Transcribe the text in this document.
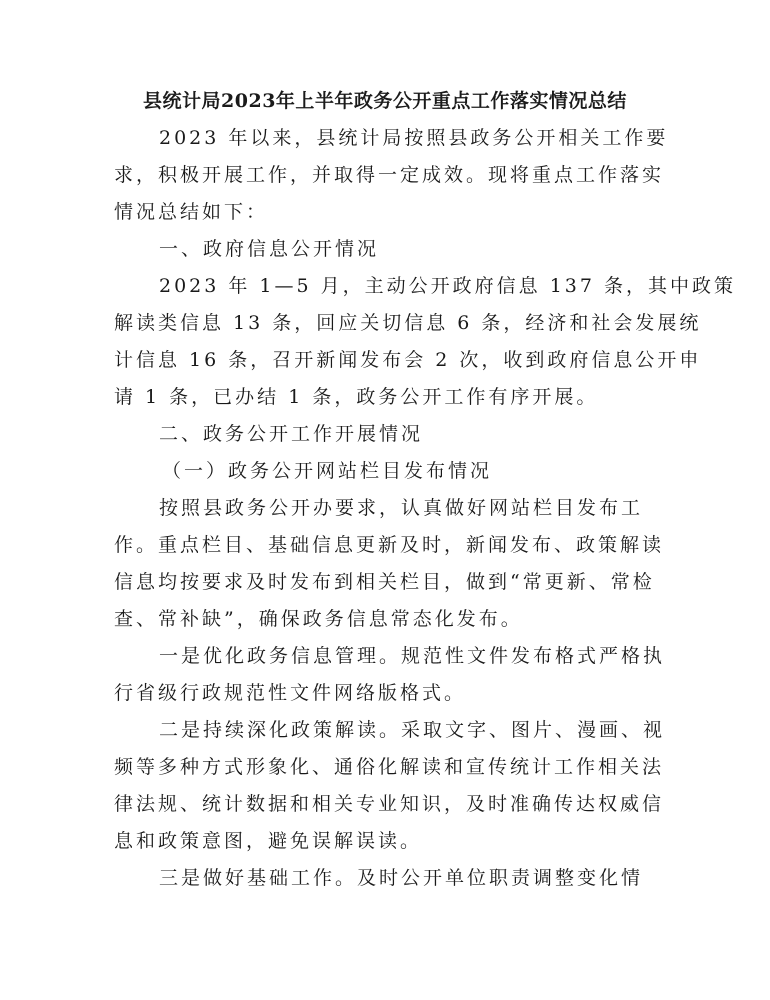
县统计局2023年上半年政务公开重点工作落实情况总结
2023 年以来，县统计局按照县政务公开相关工作要
求，积极开展工作，并取得一定成效。现将重点工作落实
情况总结如下：
一、政府信息公开情况
2023 年 1—5 月，主动公开政府信息 137 条，其中政策
解读类信息 13 条，回应关切信息 6 条，经济和社会发展统
计信息 16 条，召开新闻发布会 2 次，收到政府信息公开申
请 1 条，已办结 1 条，政务公开工作有序开展。
二、政务公开工作开展情况
（一）政务公开网站栏目发布情况
按照县政务公开办要求，认真做好网站栏目发布工
作。重点栏目、基础信息更新及时，新闻发布、政策解读
信息均按要求及时发布到相关栏目，做到“常更新、常检
查、常补缺”，确保政务信息常态化发布。
一是优化政务信息管理。规范性文件发布格式严格执
行省级行政规范性文件网络版格式。
二是持续深化政策解读。采取文字、图片、漫画、视
频等多种方式形象化、通俗化解读和宣传统计工作相关法
律法规、统计数据和相关专业知识，及时准确传达权威信
息和政策意图，避免误解误读。
三是做好基础工作。及时公开单位职责调整变化情
